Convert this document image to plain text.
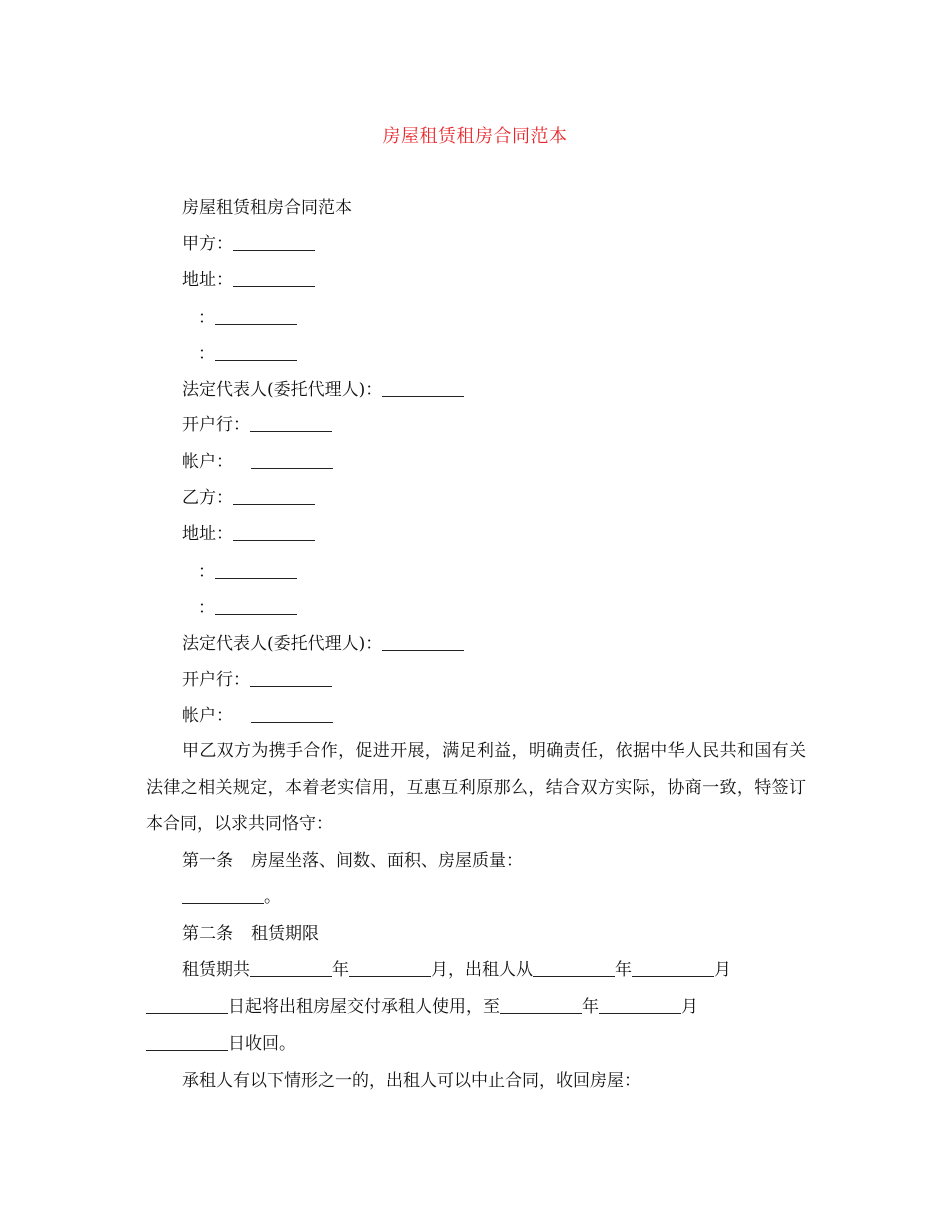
房屋租赁租房合同范本
房屋租赁租房合同范本
甲方：
地址：
：
：
法定代表人(委托代理人)：
开户行：
帐户：
乙方：
地址：
：
：
法定代表人(委托代理人)：
开户行：
帐户：
甲乙双方为携手合作，促进开展，满足利益，明确责任，依据中华人民共和国有关法律之相关规定，本着老实信用，互惠互利原那么，结合双方实际，协商一致，特签订本合同，以求共同恪守：
第一条 房屋坐落、间数、面积、房屋质量：
。
第二条 租赁期限
租赁期共	年	月，出租人从	年	月
日起将出租房屋交付承租人使用，至	年	月
日收回。
承租人有以下情形之一的，出租人可以中止合同，收回房屋：
